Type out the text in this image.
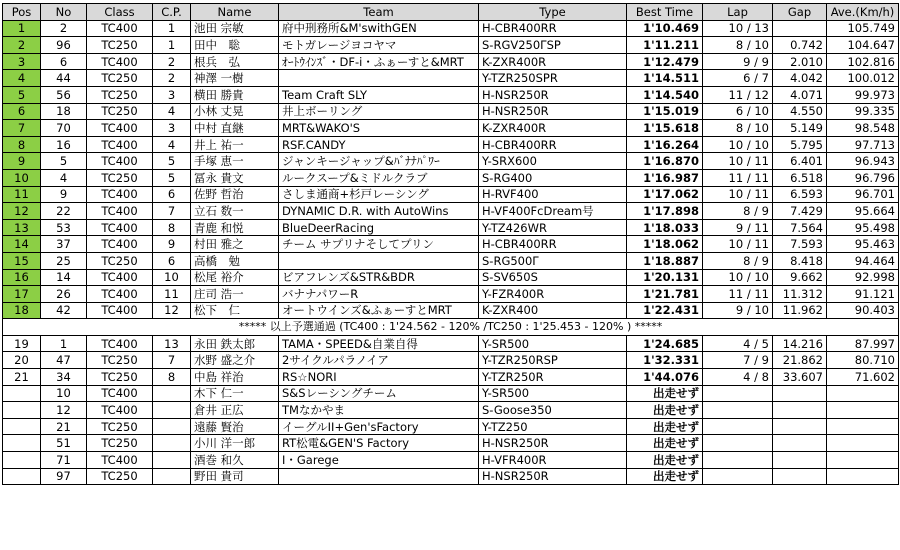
Pos	No	Class	C.P.	Name	Team	Type	Best Time	Lap	Gap	Ave.(Km/h)
1	2	TC400	1	池田 宗敏	府中刑務所&M'swithGEN	H-CBR400RR	1'10.469	10 / 13		105.749
2	96	TC250	1	田中　聡	モトガレージヨコヤマ	S-RGV250ΓSP	1'11.211	8 / 10	0.742	104.647
3	6	TC400	2	根兵　弘	ｵｰﾄｳｲﾝｽﾞ・DF-i・ふぁーすと&MRT	K-ZXR400R	1'12.479	9 / 9	2.010	102.816
4	44	TC250	2	神澤 一樹		Y-TZR250SPR	1'14.511	6 / 7	4.042	100.012
5	56	TC250	3	横田 勝貴	Team Craft SLY	H-NSR250R	1'14.540	11 / 12	4.071	99.973
6	18	TC250	4	小林 丈晃	井上ボーリング	H-NSR250R	1'15.019	6 / 10	4.550	99.335
7	70	TC400	3	中村 直継	MRT&WAKO'S	K-ZXR400R	1'15.618	8 / 10	5.149	98.548
8	16	TC400	4	井上 祐一	RSF.CANDY	H-CBR400RR	1'16.264	10 / 10	5.795	97.713
9	5	TC400	5	手塚 恵一	ジャンキージャップ&ﾊﾞﾅﾅﾊﾟﾜｰ	Y-SRX600	1'16.870	10 / 11	6.401	96.943
10	4	TC250	5	冨永 貴文	ルークスープ&ミドルクラブ	S-RG400	1'16.987	11 / 11	6.518	96.796
11	9	TC400	6	佐野 哲治	さしま通商+杉戸レーシング	H-RVF400	1'17.062	10 / 11	6.593	96.701
12	22	TC400	7	立石 数一	DYNAMIC D.R. with AutoWins	H-VF400FcDream号	1'17.898	8 / 9	7.429	95.664
13	53	TC400	8	青鹿 和悦	BlueDeerRacing	Y-TZ426WR	1'18.033	9 / 11	7.564	95.498
14	37	TC400	9	村田 雅之	チーム サプリナそしてプリン	H-CBR400RR	1'18.062	10 / 11	7.593	95.463
15	25	TC250	6	高橋　勉		S-RG500Γ	1'18.887	8 / 9	8.418	94.464
16	14	TC400	10	松尾 裕介	ビアフレンズ&STR&BDR	S-SV650S	1'20.131	10 / 10	9.662	92.998
17	26	TC400	11	庄司 浩一	バナナパワーR	Y-FZR400R	1'21.781	11 / 11	11.312	91.121
18	42	TC400	12	松下　仁	オートウインズ&ふぁーすとMRT	K-ZXR400	1'22.431	9 / 10	11.962	90.403
***** 以上予選通過 (TC400 : 1'24.562 - 120% /TC250 : 1'25.453 - 120% ) *****										
19	1	TC400	13	永田 鉄太郎	TAMA・SPEED&自業自得	Y-SR500	1'24.685	4 / 5	14.216	87.997
20	47	TC250	7	水野 盛之介	2サイクルパラノイア	Y-TZR250RSP	1'32.331	7 / 9	21.862	80.710
21	34	TC250	8	中島 祥治	RS☆NORI	Y-TZR250R	1'44.076	4 / 8	33.607	71.602
	10	TC400		木下 仁一	S&Sレーシングチーム	Y-SR500	出走せず			
	12	TC400		倉井 正広	TMなかやま	S-Goose350	出走せず			
	21	TC250		遠藤 賢治	イーグルII+Gen'sFactory	Y-TZ250	出走せず			
	51	TC250		小川 洋一郎	RT松電&GEN'S Factory	H-NSR250R	出走せず			
	71	TC400		酒巻 和久	I・Garege	H-VFR400R	出走せず			
	97	TC250		野田 貴司		H-NSR250R	出走せず			
